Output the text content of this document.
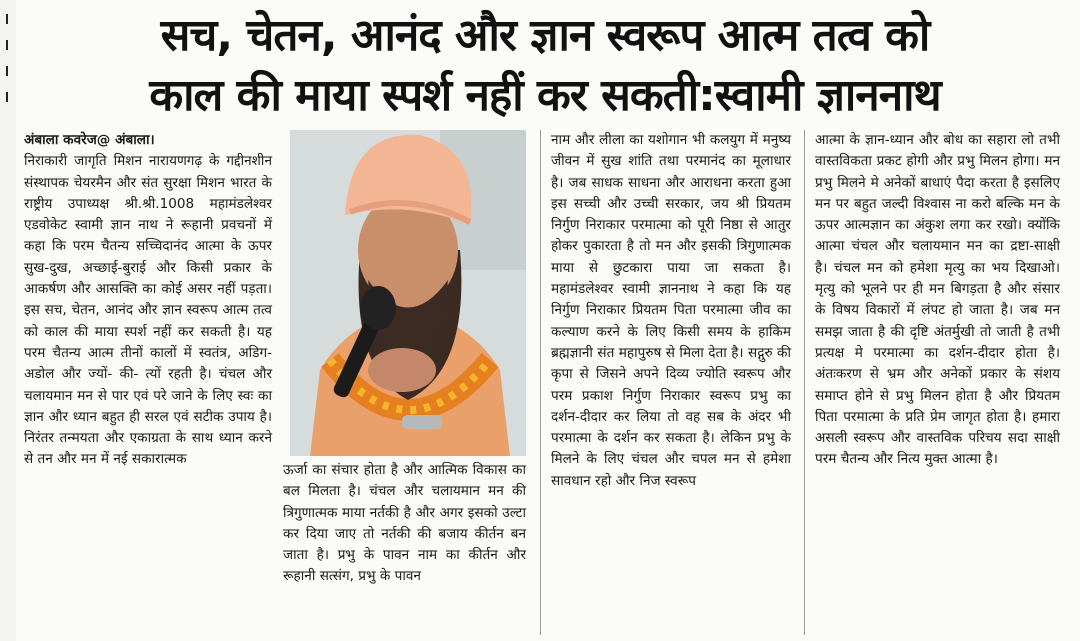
सच, चेतन, आनंद और ज्ञान स्वरूप आत्म तत्व को
काल की माया स्पर्श नहीं कर सकती:स्वामी ज्ञाननाथ

अंबाला कवरेज@ अंबाला।
निराकारी जागृति मिशन नारायणगढ़ के गद्दीनशीन संस्थापक चेयरमैन और संत सुरक्षा मिशन भारत के राष्ट्रीय उपाध्यक्ष श्री.श्री.1008 महामंडलेश्वर एडवोकेट स्वामी ज्ञान नाथ ने रूहानी प्रवचनों में कहा कि परम चैतन्य सच्चिदानंद आत्मा के ऊपर सुख-दुख, अच्छाई-बुराई और किसी प्रकार के आकर्षण और आसक्ति का कोई असर नहीं पड़ता। इस सच, चेतन, आनंद और ज्ञान स्वरूप आत्म तत्व को काल की माया स्पर्श नहीं कर सकती है। यह परम चैतन्य आत्म तीनों कालों में स्वतंत्र, अडिग-अडोल और ज्यों- की- त्यों रहती है। चंचल और चलायमान मन से पार एवं परे जाने के लिए स्वः का ज्ञान और ध्यान बहुत ही सरल एवं सटीक उपाय है। निरंतर तन्मयता और एकाग्रता के साथ ध्यान करने से तन और मन में नई सकारात्मक

ऊर्जा का संचार होता है और आत्मिक विकास का बल मिलता है। चंचल और चलायमान मन की त्रिगुणात्मक माया नर्तकी है और अगर इसको उल्टा कर दिया जाए तो नर्तकी की बजाय कीर्तन बन जाता है। प्रभु के पावन नाम का कीर्तन और रूहानी सत्संग, प्रभु के पावन

नाम और लीला का यशोगान भी कलयुग में मनुष्य जीवन में सुख शांति तथा परमानंद का मूलाधार है। जब साधक साधना और आराधना करता हुआ इस सच्ची और उच्ची सरकार, जय श्री प्रियतम निर्गुण निराकार परमात्मा को पूरी निष्ठा से आतुर होकर पुकारता है तो मन और इसकी त्रिगुणात्मक माया से छुटकारा पाया जा सकता है। महामंडलेश्वर स्वामी ज्ञाननाथ ने कहा कि यह निर्गुण निराकार प्रियतम पिता परमात्मा जीव का कल्याण करने के लिए किसी समय के हाकिम ब्रह्मज्ञानी संत महापुरुष से मिला देता है। सद्गुरु की कृपा से जिसने अपने दिव्य ज्योति स्वरूप और परम प्रकाश निर्गुण निराकार स्वरूप प्रभु का दर्शन-दीदार कर लिया तो वह सब के अंदर भी परमात्मा के दर्शन कर सकता है। लेकिन प्रभु के मिलने के लिए चंचल और चपल मन से हमेशा सावधान रहो और निज स्वरूप

आत्मा के ज्ञान-ध्यान और बोध का सहारा लो तभी वास्तविकता प्रकट होगी और प्रभु मिलन होगा। मन प्रभु मिलने मे अनेकों बाधाएं पैदा करता है इसलिए मन पर बहुत जल्दी विश्वास ना करो बल्कि मन के ऊपर आत्मज्ञान का अंकुश लगा कर रखो। क्योंकि आत्मा चंचल और चलायमान मन का द्रष्टा-साक्षी है। चंचल मन को हमेशा मृत्यु का भय दिखाओ। मृत्यु को भूलने पर ही मन बिगड़ता है और संसार के विषय विकारों में लंपट हो जाता है। जब मन समझ जाता है की दृष्टि अंतर्मुखी तो जाती है तभी प्रत्यक्ष मे परमात्मा का दर्शन-दीदार होता है। अंतःकरण से भ्रम और अनेकों प्रकार के संशय समाप्त होने से प्रभु मिलन होता है और प्रियतम पिता परमात्मा के प्रति प्रेम जागृत होता है। हमारा असली स्वरूप और वास्तविक परिचय सदा साक्षी परम चैतन्य और नित्य मुक्त आत्मा है।
